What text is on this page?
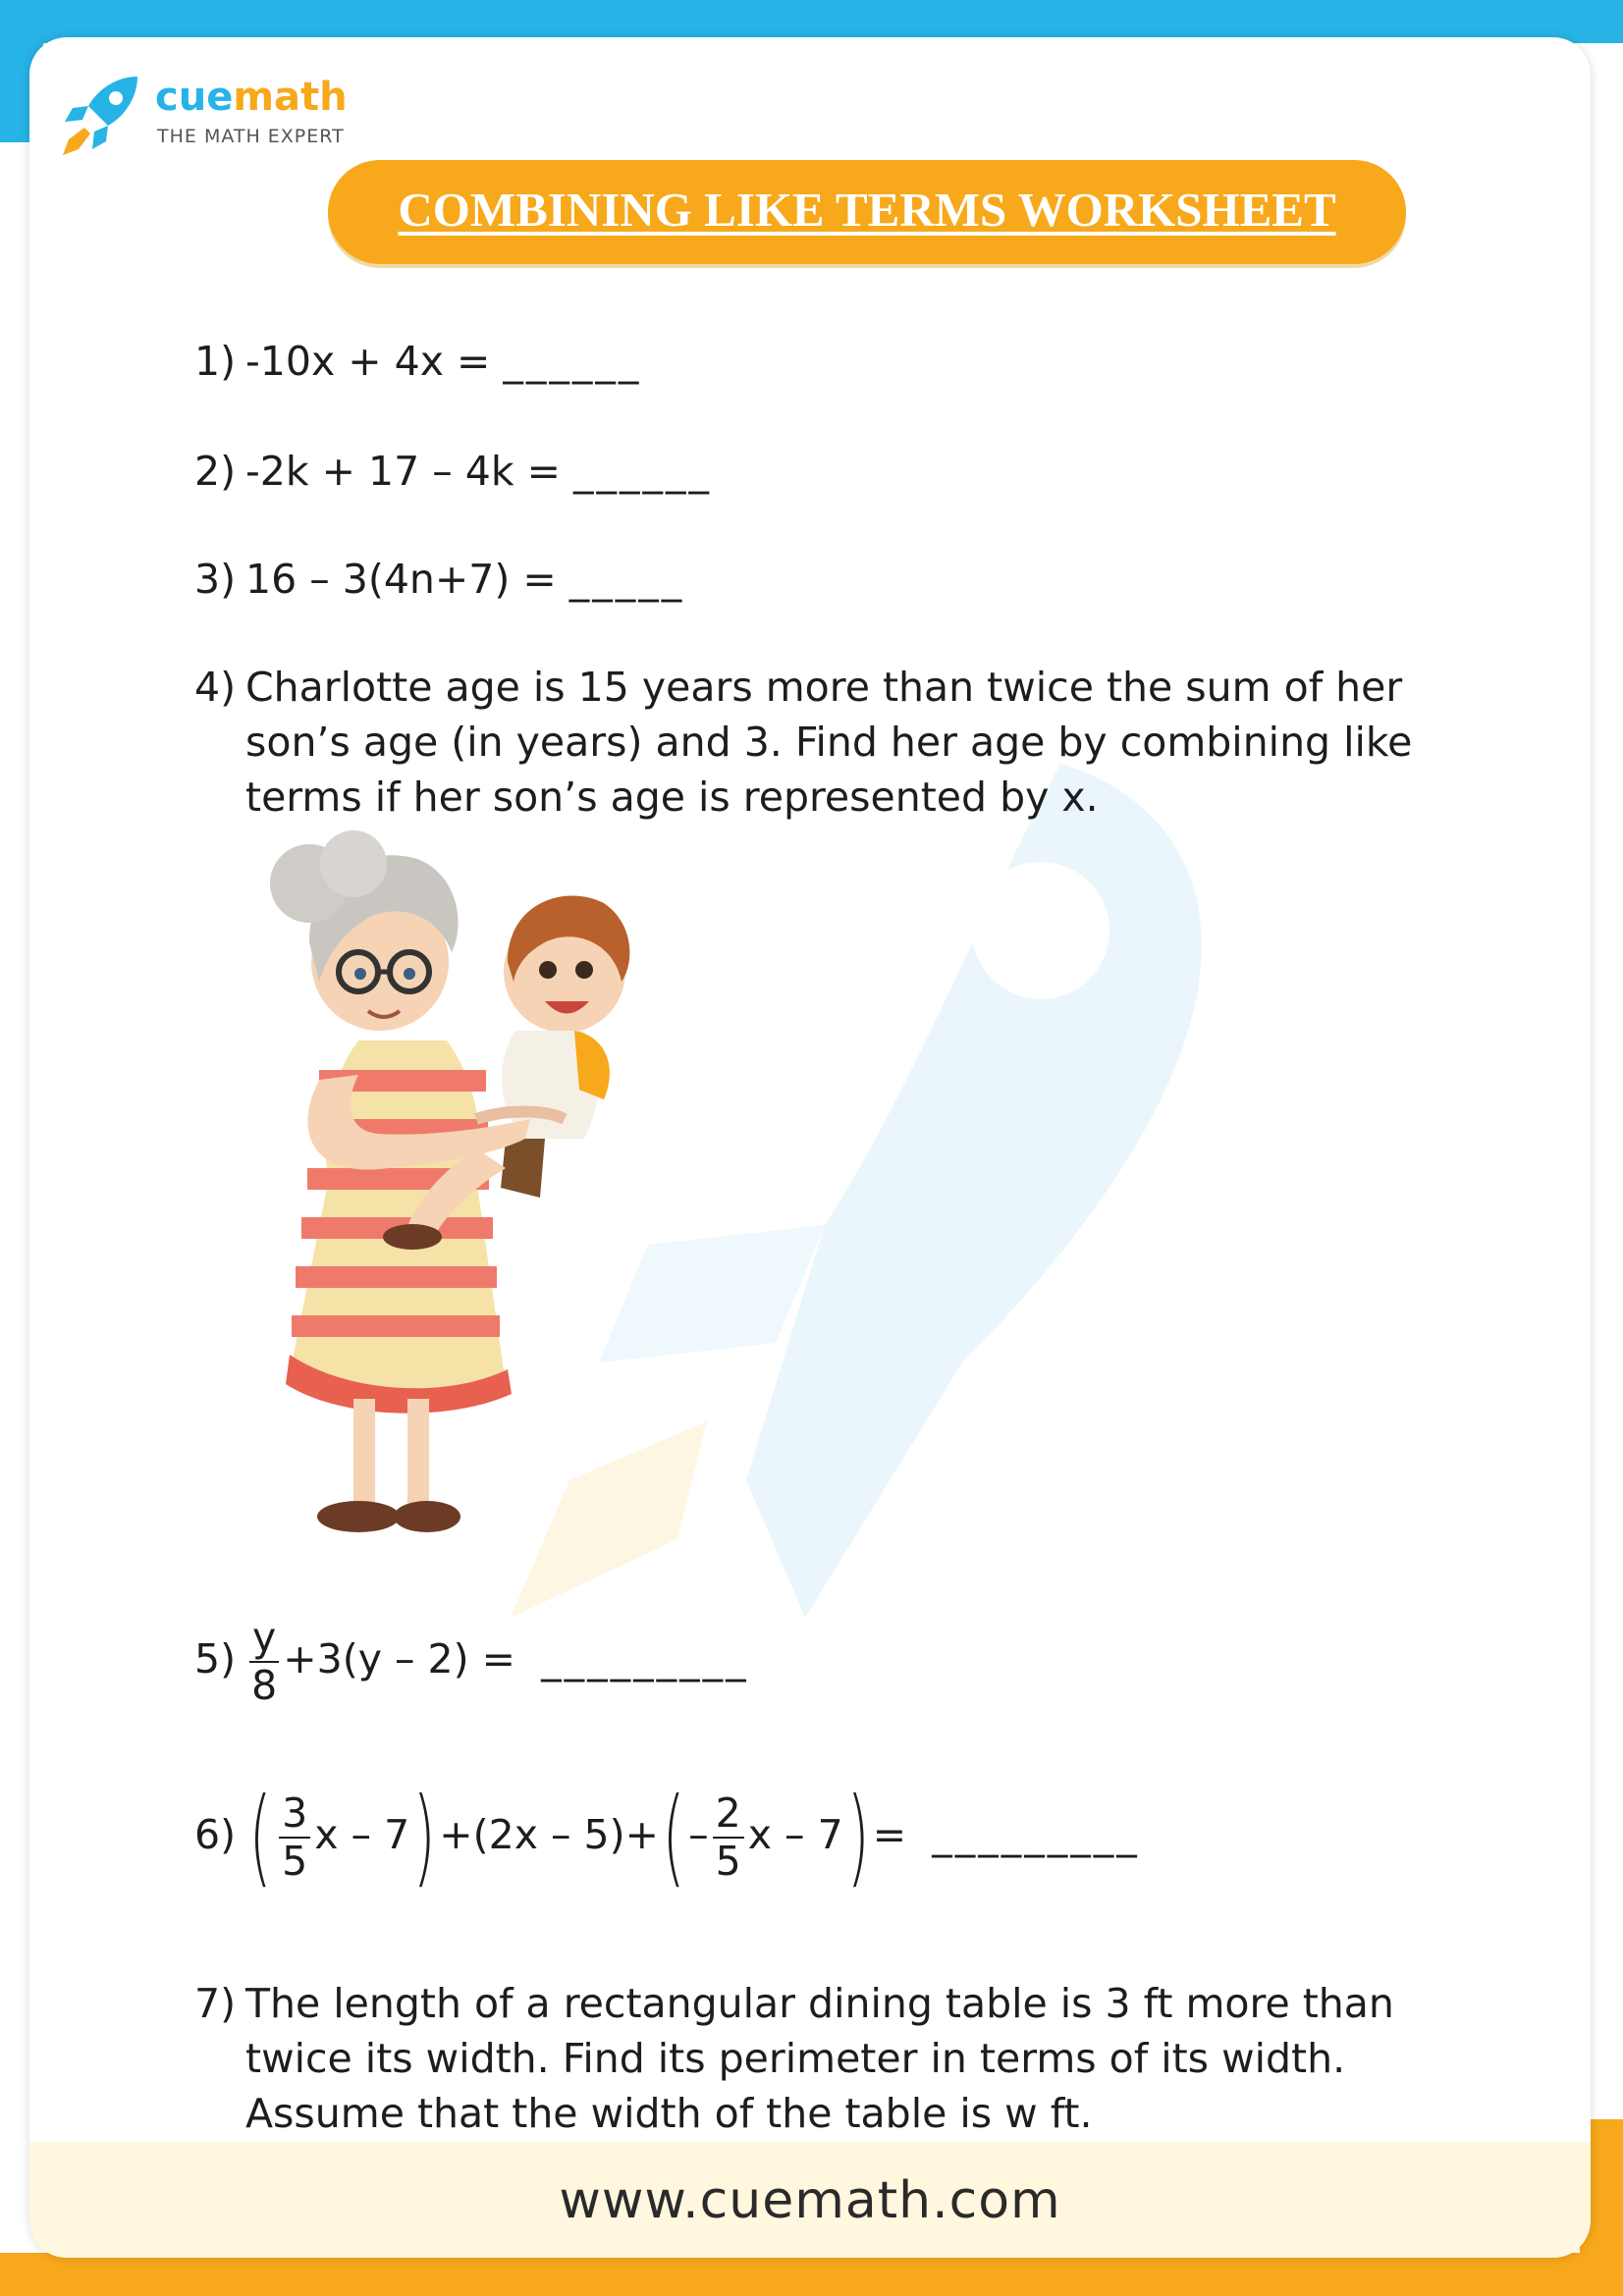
www.cuemath.com
cuemath
THE MATH EXPERT
COMBINING LIKE TERMS WORKSHEET
1) -10x + 4x = ______
2) -2k + 17 – 4k = ______
3) 16 – 3(4n+7) = _____
4) Charlotte age is 15 years more than twice the sum of her
son’s age (in years) and 3. Find her age by combining like
terms if her son’s age is represented by x.
$5) \frac{y}{8} +3(y - 2)$ = _________
6) ( $\frac{3}{5}$ $x - 7)+(2x - 5)+(- \frac{2}{5}$ x – 7)= _________
7) The length of a rectangular dining table is 3 ft more than
twice its width. Find its perimeter in terms of its width.
Assume that the width of the table is w ft.
